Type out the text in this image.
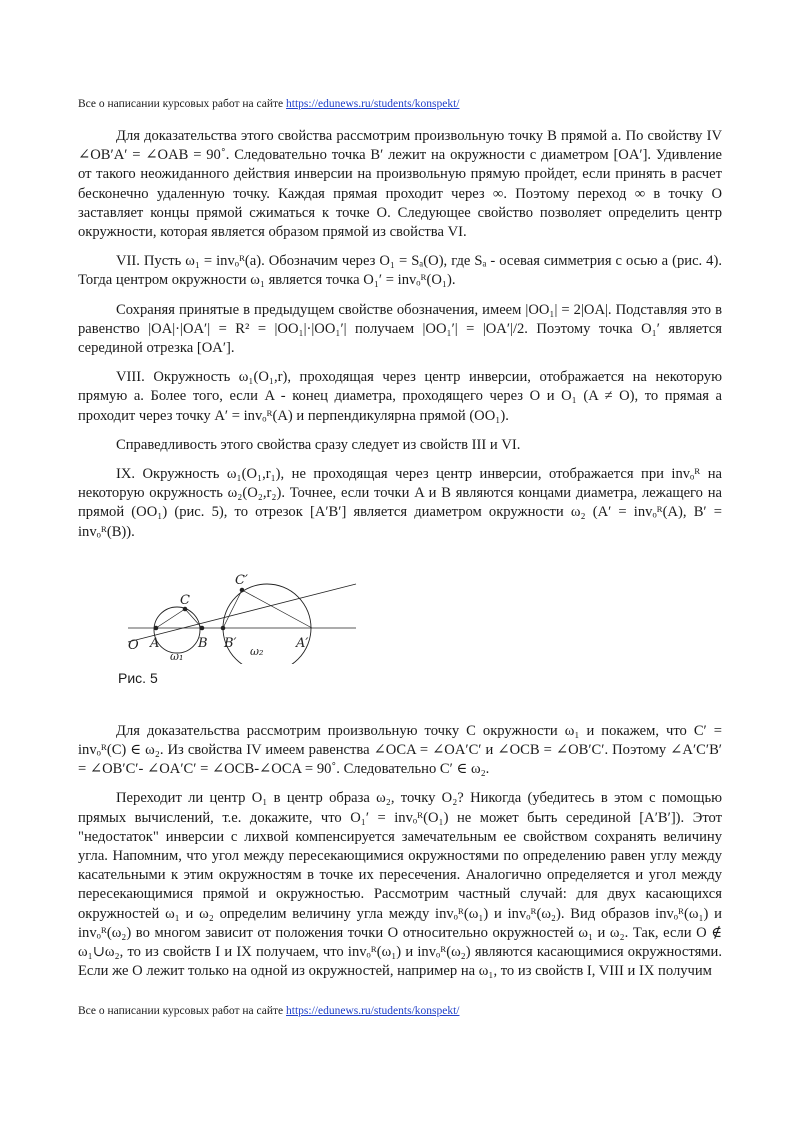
Все о написании курсовых работ на сайте https://edunews.ru/students/konspekt/

Для доказательства этого свойства рассмотрим произвольную точку B прямой a. По свойству IV ∠OB′A′ = ∠OAB = 90˚. Следовательно точка B′ лежит на окружности с диаметром [OA′]. Удивление от такого неожиданного действия инверсии на произвольную прямую пройдет, если принять в расчет бесконечно удаленную точку. Каждая прямая проходит через ∞. Поэтому переход ∞ в точку O заставляет концы прямой сжиматься к точке O. Следующее свойство позволяет определить центр окружности, которая является образом прямой из свойства VI.

VII. Пусть ω₁ = invₒᴿ(a). Обозначим через O₁ = Sₐ(O), где Sₐ - осевая симметрия с осью a (рис. 4). Тогда центром окружности ω₁ является точка O₁′ = invₒᴿ(O₁).

Сохраняя принятые в предыдущем свойстве обозначения, имеем |OO₁| = 2|OA|. Подставляя это в равенство |OA|·|OA′| = R² = |OO₁|·|OO₁′| получаем |OO₁′| = |OA′|/2. Поэтому точка O₁′ является серединой отрезка [OA′].

VIII. Окружность ω₁(O₁,r), проходящая через центр инверсии, отображается на некоторую прямую a. Более того, если A - конец диаметра, проходящего через O и O₁ (A ≠ O), то прямая a проходит через точку A′ = invₒᴿ(A) и перпендикулярна прямой (OO₁).

Справедливость этого свойства сразу следует из свойств III и VI.

IX. Окружность ω₁(O₁,r₁), не проходящая через центр инверсии, отображается при invₒᴿ на некоторую окружность ω₂(O₂,r₂). Точнее, если точки A и B являются концами диаметра, лежащего на прямой (OO₁) (рис. 5), то отрезок [A′B′] является диаметром окружности ω₂ (A′ = invₒᴿ(A), B′ = invₒᴿ(B)).

O A	B
C
B′	A′
C′
ω₁	ω₂
Рис. 5

Для доказательства рассмотрим произвольную точку C окружности ω₁ и покажем, что C′ = invₒᴿ(C) ∈ ω₂. Из свойства IV имеем равенства ∠OCA = ∠OA′C′ и ∠OCB = ∠OB′C′. Поэтому ∠A′C′B′ = ∠OB′C′- ∠OA′C′ = ∠OCB-∠OCA = 90˚. Следовательно C′ ∈ ω₂.

Переходит ли центр O₁ в центр образа ω₂, точку O₂? Никогда (убедитесь в этом с помощью прямых вычислений, т.е. докажите, что O₁′ = invₒᴿ(O₁) не может быть серединой [A′B′]). Этот "недостаток" инверсии с лихвой компенсируется замечательным ее свойством сохранять величину угла. Напомним, что угол между пересекающимися окружностями по определению равен углу между касательными к этим окружностям в точке их пересечения. Аналогично определяется и угол между пересекающимися прямой и окружностью. Рассмотрим частный случай: для двух касающихся окружностей ω₁ и ω₂ определим величину угла между invₒᴿ(ω₁) и invₒᴿ(ω₂). Вид образов invₒᴿ(ω₁) и invₒᴿ(ω₂) во многом зависит от положения точки O относительно окружностей ω₁ и ω₂. Так, если O ∉ ω₁∪ω₂, то из свойств I и IX получаем, что invₒᴿ(ω₁) и invₒᴿ(ω₂) являются касающимися окружностями. Если же O лежит только на одной из окружностей, например на ω₁, то из свойств I, VIII и IX получим

Все о написании курсовых работ на сайте https://edunews.ru/students/konspekt/
